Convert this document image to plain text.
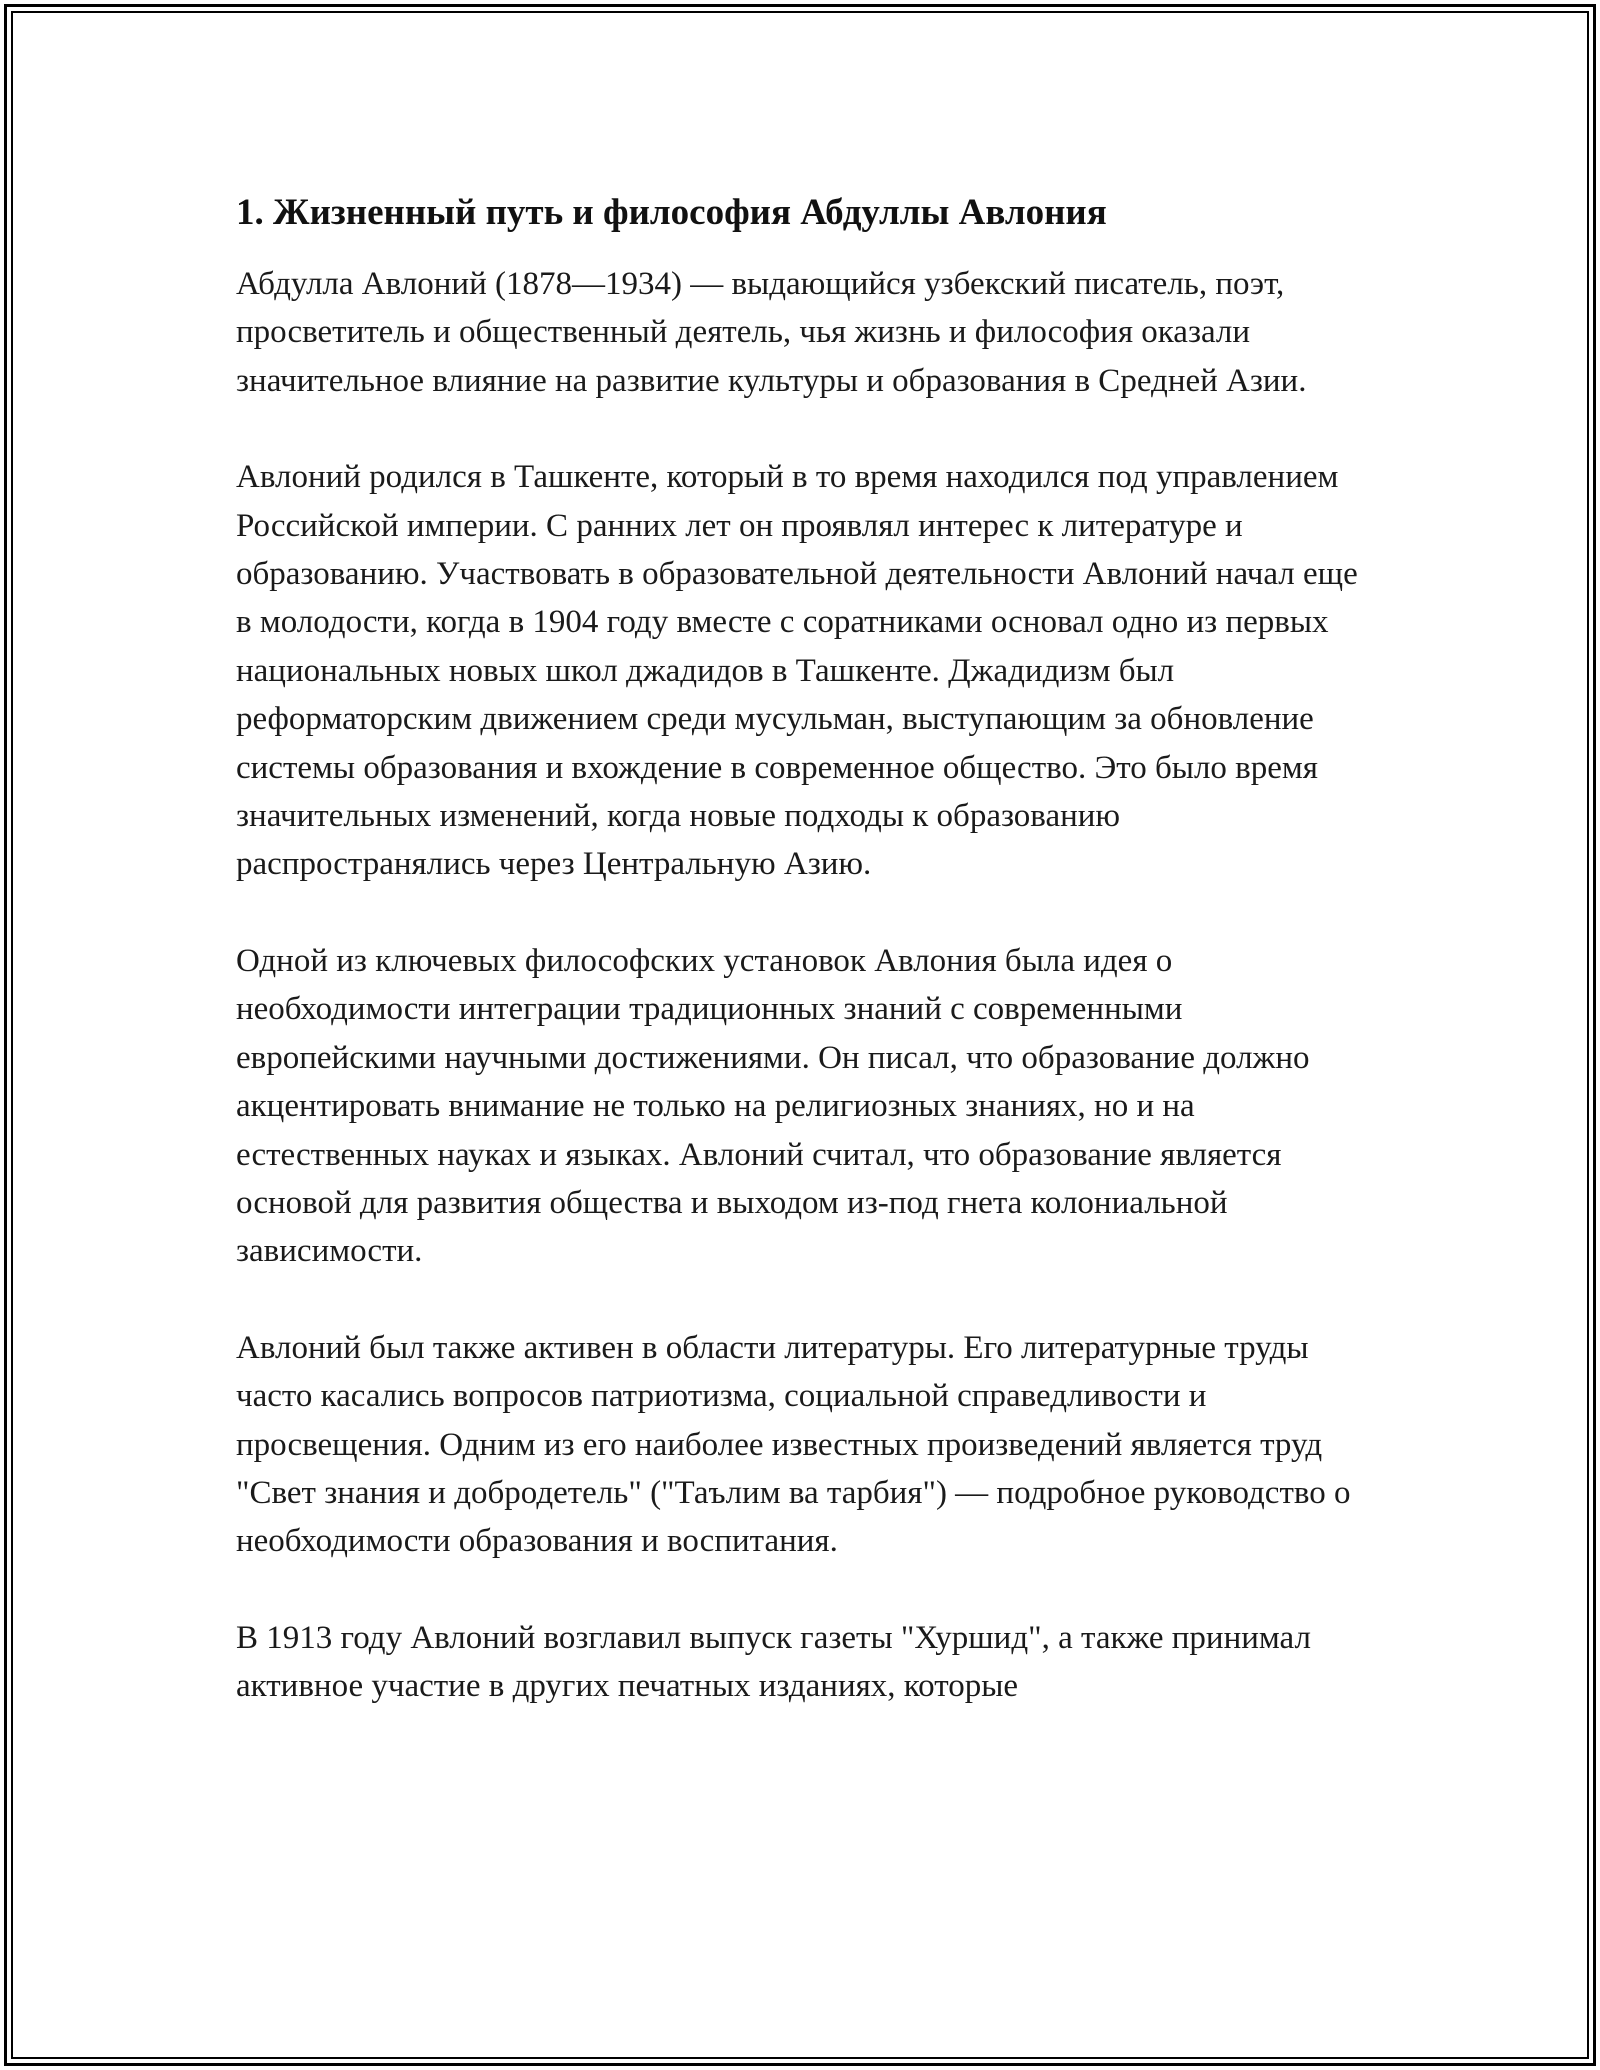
1. Жизненный путь и философия Абдуллы Авлония

Абдулла Авлоний (1878—1934) — выдающийся узбекский писатель, поэт, просветитель и общественный деятель, чья жизнь и философия оказали значительное влияние на развитие культуры и образования в Средней Азии.

Авлоний родился в Ташкенте, который в то время находился под управлением Российской империи. С ранних лет он проявлял интерес к литературе и образованию. Участвовать в образовательной деятельности Авлоний начал еще в молодости, когда в 1904 году вместе с соратниками основал одно из первых национальных новых школ джадидов в Ташкенте. Джадидизм был реформаторским движением среди мусульман, выступающим за обновление системы образования и вхождение в современное общество. Это было время значительных изменений, когда новые подходы к образованию распространялись через Центральную Азию.

Одной из ключевых философских установок Авлония была идея о необходимости интеграции традиционных знаний с современными европейскими научными достижениями. Он писал, что образование должно акцентировать внимание не только на религиозных знаниях, но и на естественных науках и языках. Авлоний считал, что образование является основой для развития общества и выходом из-под гнета колониальной зависимости.

Авлоний был также активен в области литературы. Его литературные труды часто касались вопросов патриотизма, социальной справедливости и просвещения. Одним из его наиболее известных произведений является труд "Свет знания и добродетель" ("Таълим ва тарбия") — подробное руководство о необходимости образования и воспитания.

В 1913 году Авлоний возглавил выпуск газеты "Хуршид", а также принимал активное участие в других печатных изданиях, которые
